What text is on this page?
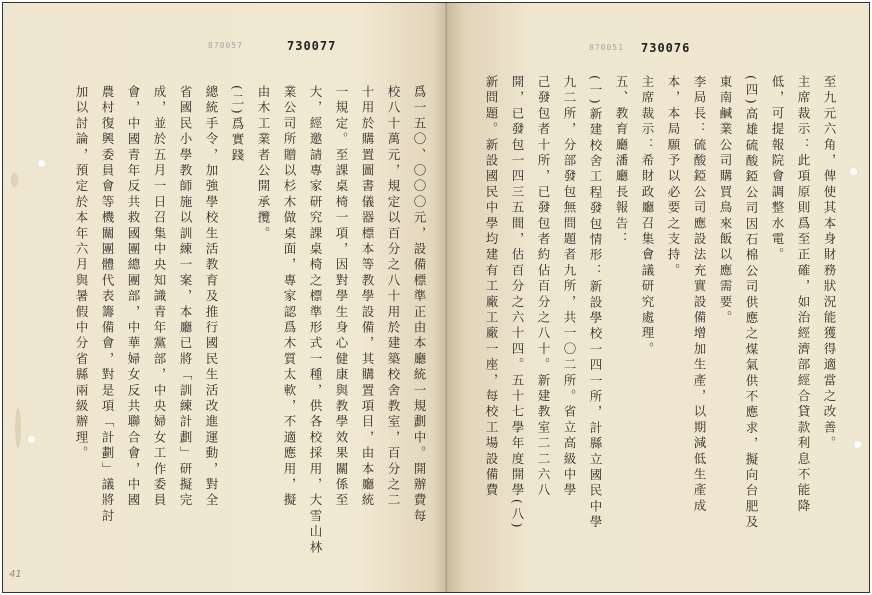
870057	730077
爲一五〇、〇〇〇元，設備標準正由本廳統一規劃中。開辦費每
校八十萬元，規定以百分之八十用於建築校舍教室，百分之二
十用於購置圖書儀器標本等教學設備，其購置項目，由本廳統
一規定。至課桌椅一項，因對學生身心健康與教學效果關係至
大，經邀請專家研究課桌椅之標準形式一種，供各校採用，大雪山林
業公司所贈以杉木做桌面，專家認爲木質太軟，不適應用，擬
由木工業者公開承攬。
(二)爲實踐
總統手令，加強學校生活教育及推行國民生活改進運動，對全
省國民小學教師施以訓練一案，本廳已將「訓練計劃」研擬完
成，並於五月一日召集中央知識青年黨部，中央婦女工作委員
會，中國青年反共救國團總團部，中華婦女反共聯合會，中國
農村復興委員會等機關團體代表籌備會，對是項「計劃」議將討
加以討論，預定於本年六月與暑假中分省縣兩級辦理。
41
870051 730076
至九元六角，俾使其本身財務狀況能獲得適當之改善。
主席裁示：此項原則爲至正確，如治經濟部經合貸款利息不能降
低，可提報院會調整水電。
(四)高雄硫酸錏公司因石棉公司供應之煤氣供不應求，擬向台肥及
東南鹹業公司購買鳥來飯以應需要。
李局長：硫酸錏公司應設法充實設備增加生產，以期減低生產成
本，本局願予以必要之支持。
主席裁示：希財政廳召集會議研究處理。
五、教育廳潘廳長報告：
(一)新建校舍工程發包情形：新設學校一四一所，計縣立國民中學
九二所，分部發包無問題者九所，共一〇二所。省立高級中學
己發包者十所，已發包者約佔百分之八十。新建教室二二六八
開，已發包一四三五間，估百分之六十四。五十七學年度開學(八)
新問題。新設國民中學均建有工廠工廠一座，每校工場設備費
